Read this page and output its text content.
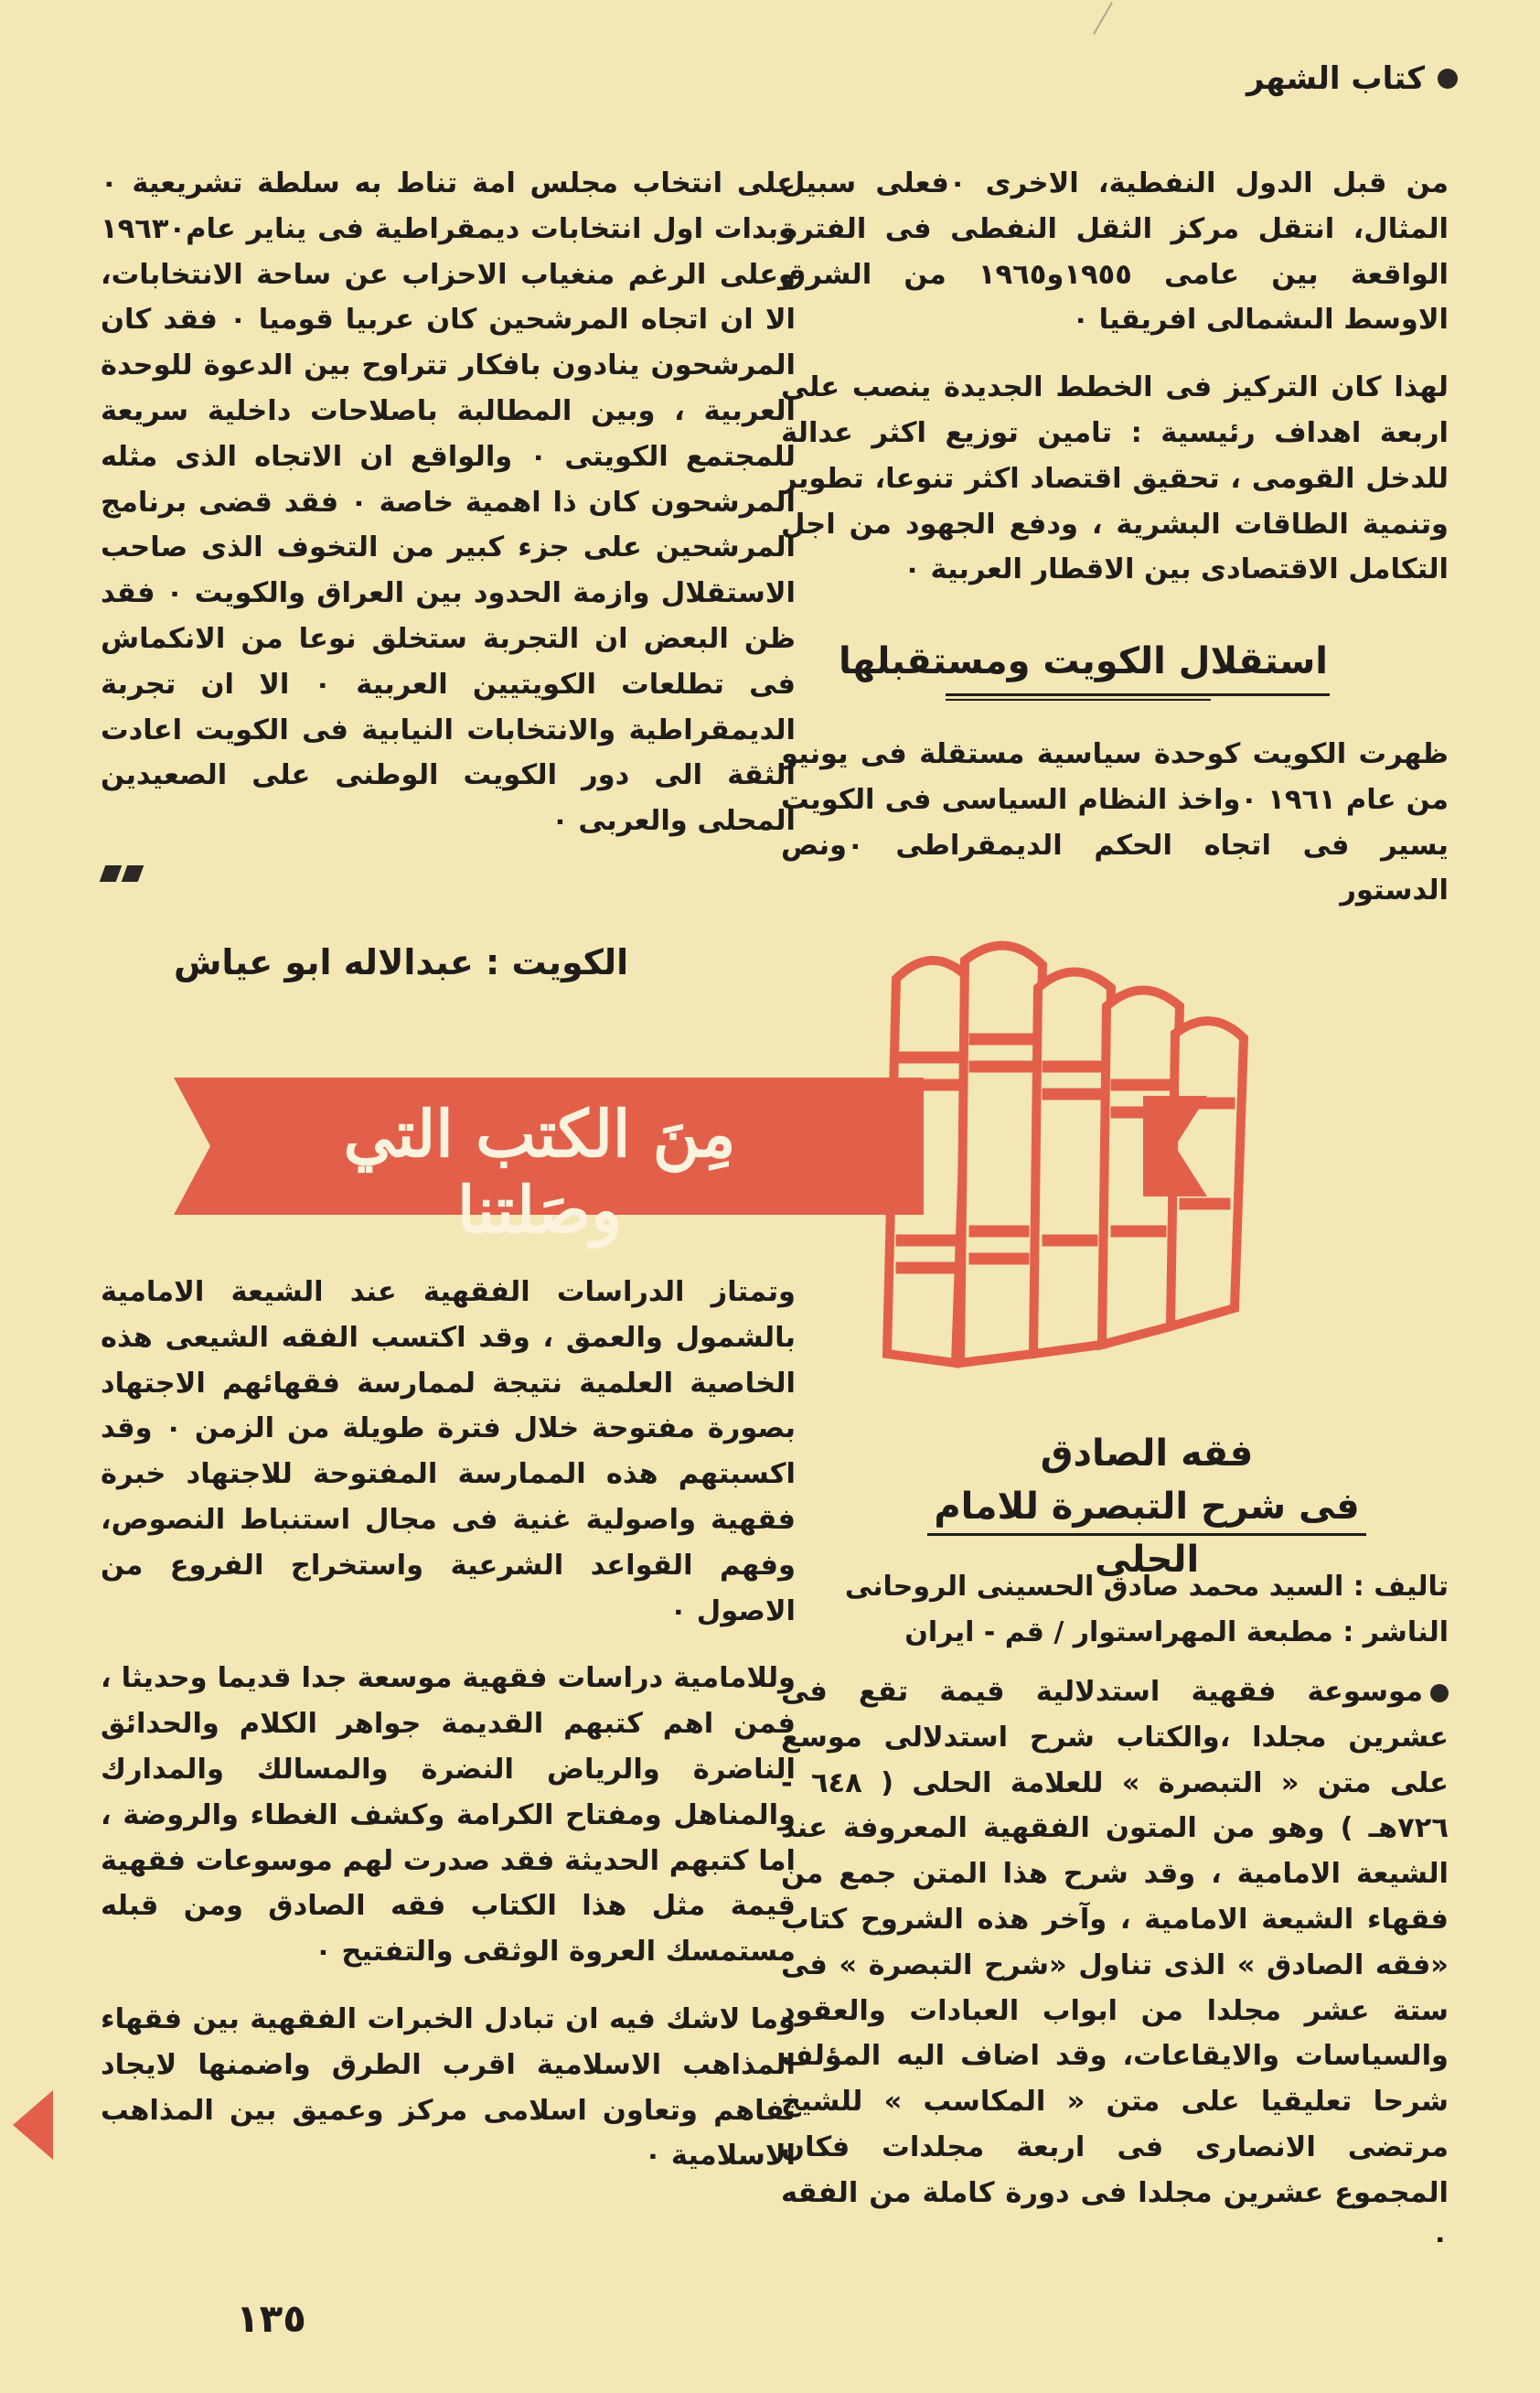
كتاب الشهر

من قبل الدول النفطية، الاخرى ٠فعلى سبيل المثال، انتقل مركز الثقل النفطى فى الفترة الواقعة بين عامى ١٩٥٥و١٩٦٥ من الشرق الاوسط الىشمالى افريقيا ٠

لهذا كان التركيز فى الخطط الجديدة ينصب على اربعة اهداف رئيسية : تامين توزيع اكثر عدالة للدخل القومى ، تحقيق اقتصاد اكثر تنوعا، تطوير وتنمية الطاقات البشرية ، ودفع الجهود من اجل التكامل الاقتصادى بين الاقطار العربية ٠

استقلال الكويت ومستقبلها

ظهرت الكويت كوحدة سياسية مستقلة فى يونيو من عام ١٩٦١ ٠واخذ النظام السياسى فى الكويت يسير فى اتجاه الحكم الديمقراطى ٠ونص الدستور

على انتخاب مجلس امة تناط به سلطة تشريعية ٠ وبدات اول انتخابات ديمقراطية فى يناير عام١٩٦٣٠ وعلى الرغم منغياب الاحزاب عن ساحة الانتخابات، الا ان اتجاه المرشحين كان عربيا قوميا ٠ فقد كان المرشحون ينادون بافكار تتراوح بين الدعوة للوحدة العربية ، وبين المطالبة باصلاحات داخلية سريعة للمجتمع الكويتى ٠ والواقع ان الاتجاه الذى مثله المرشحون كان ذا اهمية خاصة ٠ فقد قضى برنامج المرشحين على جزء كبير من التخوف الذى صاحب الاستقلال وازمة الحدود بين العراق والكويت ٠ فقد ظن البعض ان التجربة ستخلق نوعا من الانكماش فى تطلعات الكويتيين العربية ٠ الا ان تجربة الديمقراطية والانتخابات النيابية فى الكويت اعادت الثقة الى دور الكويت الوطنى على الصعيدين المحلى والعربى ٠

الكويت : عبدالاله ابو عياش
مِنَ الكتب التي وصَلتنا
فقه الصادق
فى شرح التبصرة للامام الحلى
تاليف : السيد محمد صادق الحسينى الروحانى
الناشر : مطبعة المهراستوار / قم - ايران

موسوعة فقهية استدلالية قيمة تقع فى عشرين مجلدا ،والكتاب شرح استدلالى موسع على متن « التبصرة » للعلامة الحلى ( ٦٤٨ - ٧٢٦هـ ) وهو من المتون الفقهية المعروفة عند الشيعة الامامية ، وقد شرح هذا المتن جمع من فقهاء الشيعة الامامية ، وآخر هذه الشروح كتاب «فقه الصادق » الذى تناول «شرح التبصرة » فى ستة عشر مجلدا من ابواب العبادات والعقود والسياسات والايقاعات، وقد اضاف اليه المؤلف شرحا تعليقيا على متن « المكاسب » للشيخ مرتضى الانصارى فى اربعة مجلدات فكان المجموع عشرين مجلدا فى دورة كاملة من الفقه ٠

وتمتاز الدراسات الفقهية عند الشيعة الامامية بالشمول والعمق ، وقد اكتسب الفقه الشيعى هذه الخاصية العلمية نتيجة لممارسة فقهائهم الاجتهاد بصورة مفتوحة خلال فترة طويلة من الزمن ٠ وقد اكسبتهم هذه الممارسة المفتوحة للاجتهاد خبرة فقهية واصولية غنية فى مجال استنباط النصوص، وفهم القواعد الشرعية واستخراج الفروع من الاصول ٠

وللامامية دراسات فقهية موسعة جدا قديما وحديثا ، فمن اهم كتبهم القديمة جواهر الكلام والحدائق الناضرة والرياض النضرة والمسالك والمدارك والمناهل ومفتاح الكرامة وكشف الغطاء والروضة ، اما كتبهم الحديثة فقد صدرت لهم موسوعات فقهية قيمة مثل هذا الكتاب فقه الصادق ومن قبله مستمسك العروة الوثقى والتفتيح ٠

وما لاشك فيه ان تبادل الخبرات الفقهية بين فقهاء المذاهب الاسلامية اقرب الطرق واضمنها لايجاد تفاهم وتعاون اسلامى مركز وعميق بين المذاهب الاسلامية ٠

١٣٥
